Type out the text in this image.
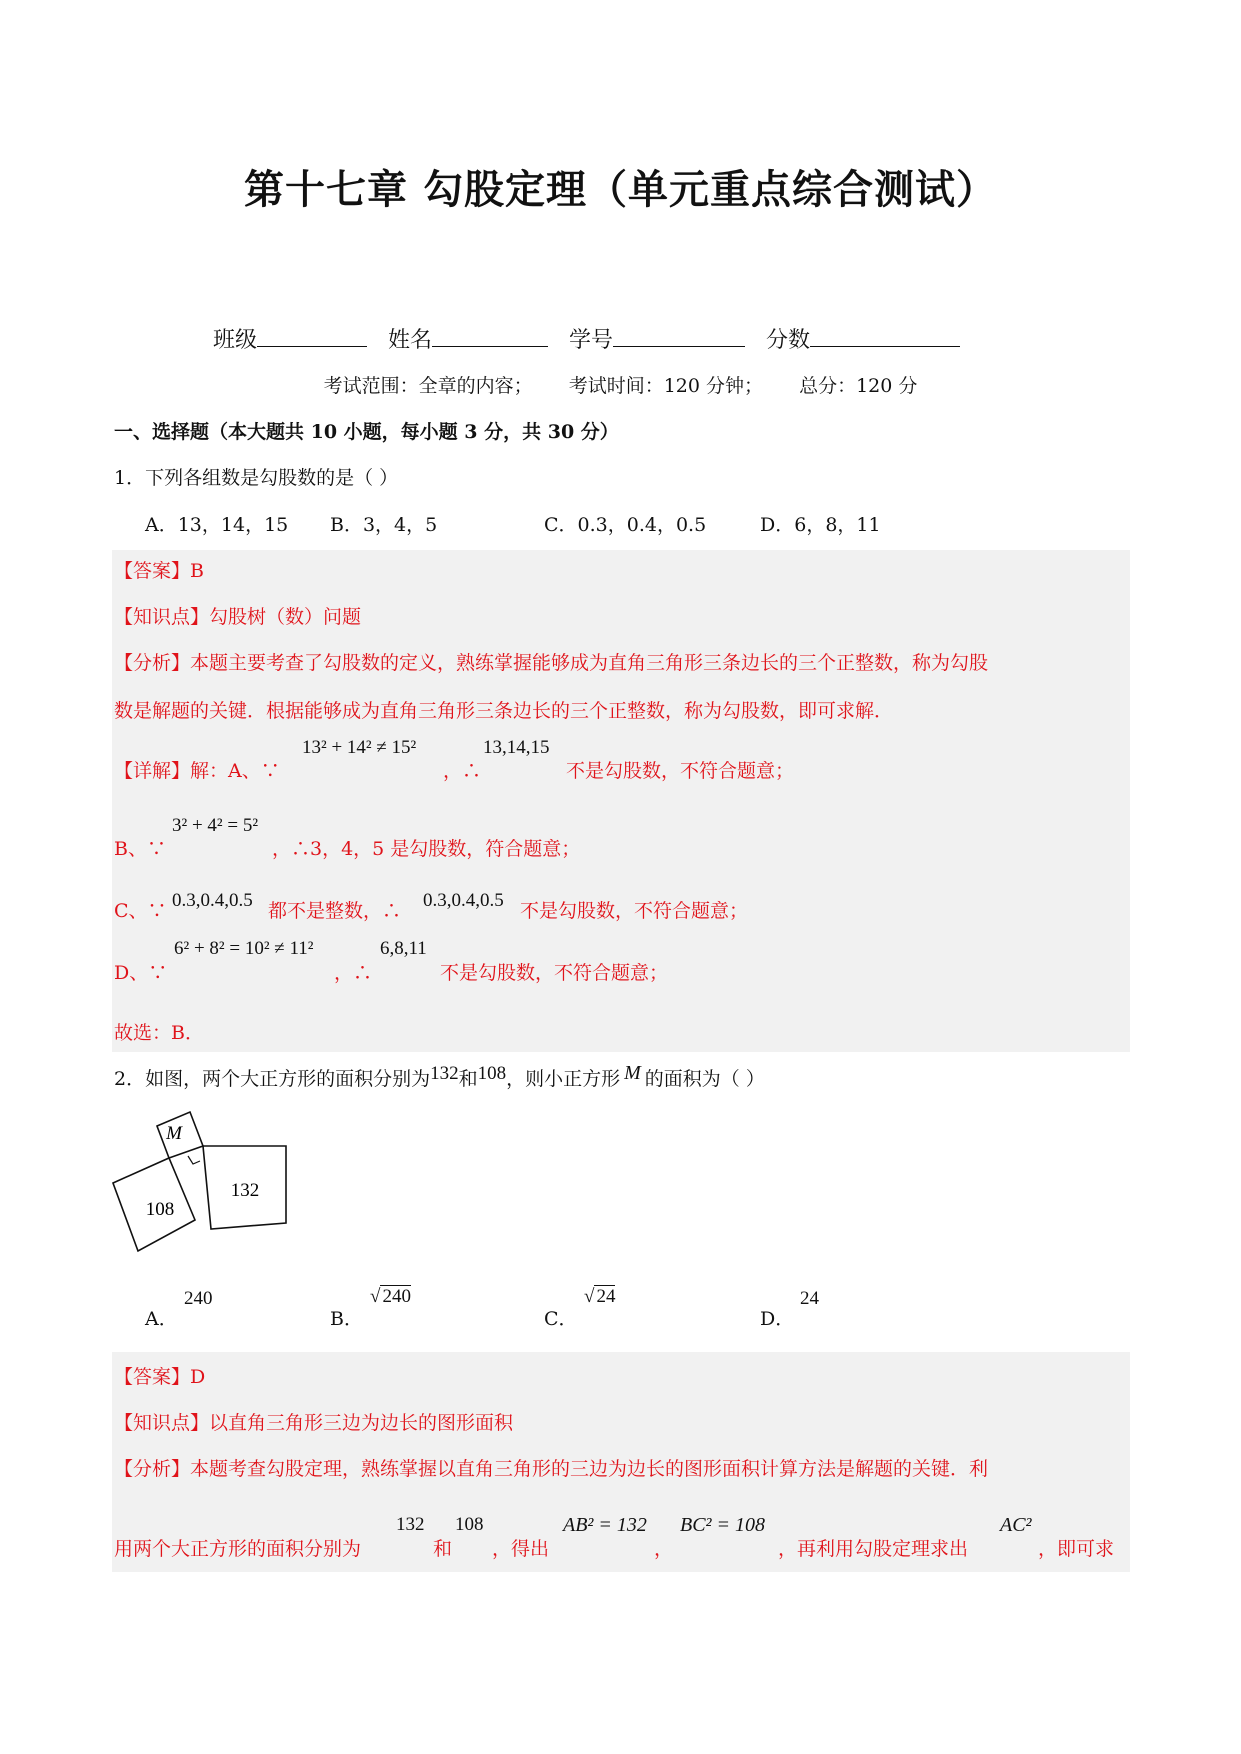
第十七章 勾股定理（单元重点综合测试）
班级	姓名	学号	分数
考试范围：全章的内容； 考试时间：120 分钟； 总分：120 分
一、选择题（本大题共 10 小题，每小题 3 分，共 30 分）
1．下列各组数是勾股数的是（ ）
A．13，14，15 B．3，4，5	C．0.3，0.4，0.5	D．6，8，11
【答案】B
【知识点】勾股树（数）问题
【分析】本题主要考查了勾股数的定义，熟练掌握能够成为直角三角形三条边长的三个正整数，称为勾股
数是解题的关键．根据能够成为直角三角形三条边长的三个正整数，称为勾股数，即可求解．
【详解】解：A、∵
13² + 14² ≠ 15²
，∴
13,14,15
不是勾股数，不符合题意；
B、∵
3² + 4² = 5²
，∴3，4，5 是勾股数，符合题意；
C、∵ 0.3,0.4,0.5 都不是整数，∴ 0.3,0.4,0.5 不是勾股数，不符合题意；
D、∵
6² + 8² = 10² ≠ 11²
，∴
6,8,11
不是勾股数，不符合题意；
故选：B．
2．如图，两个大正方形的面积分别为132和108，则小正方形 M 的面积为（ ）
M
132
108
A．
240
B．
√ 240
C．
√ 24
D．
24
【答案】D
【知识点】以直角三角形三边为边长的图形面积
【分析】本题考查勾股定理，熟练掌握以直角三角形的三边为边长的图形面积计算方法是解题的关键．利
用两个大正方形的面积分别为
132
和
108
，得出
AB² = 132
，
BC² = 108
，再利用勾股定理求出
AC²
，即可求
